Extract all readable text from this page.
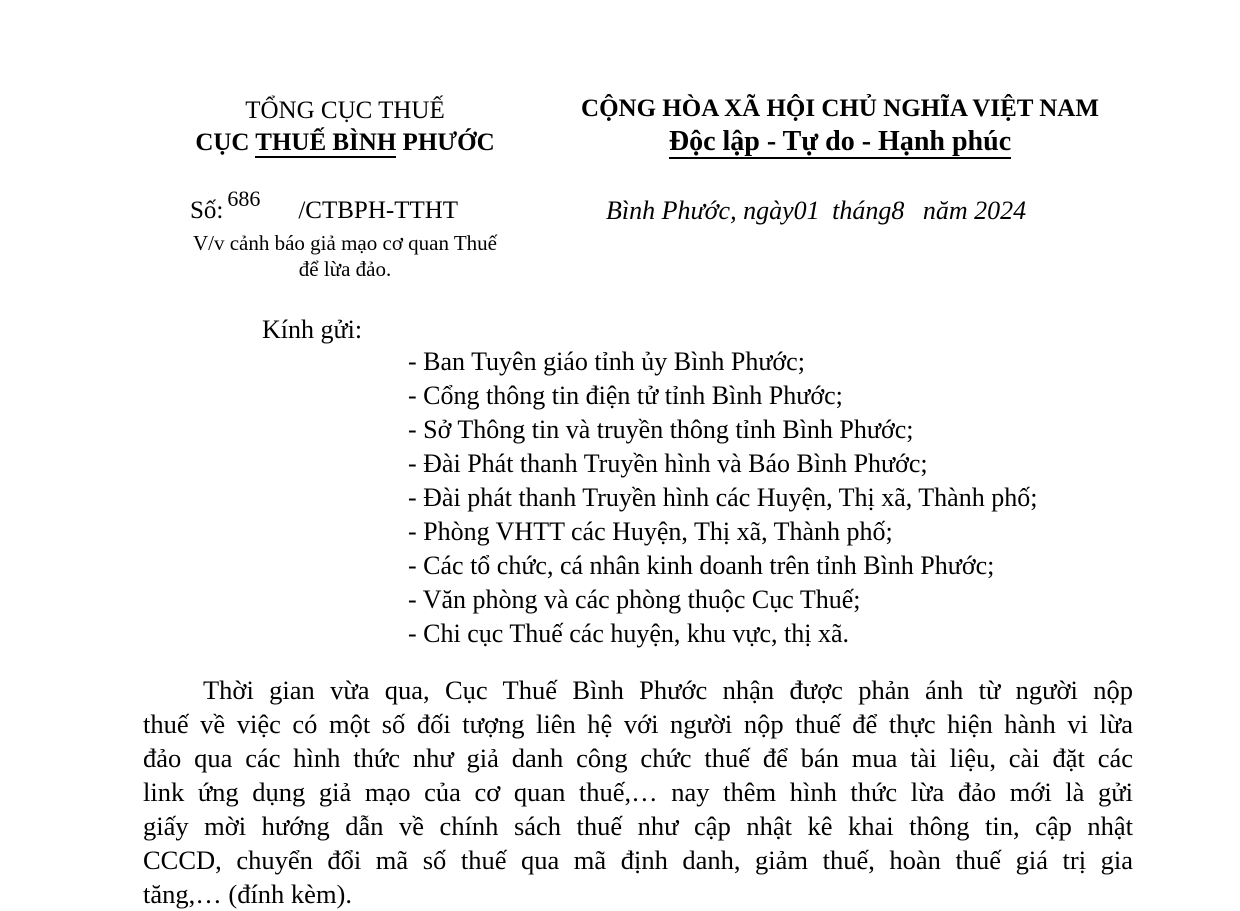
TỔNG CỤC THUẾ
CỤC THUẾ BÌNH PHƯỚC
CỘNG HÒA XÃ HỘI CHỦ NGHĨA VIỆT NAM
Độc lập - Tự do - Hạnh phúc
Số: 686 /CTBPH-TTHT
V/v cảnh báo giả mạo cơ quan Thuế
để lừa đảo.
Bình Phước, ngày01 tháng8 năm 2024
Kính gửi:
- Ban Tuyên giáo tỉnh ủy Bình Phước;
- Cổng thông tin điện tử tỉnh Bình Phước;
- Sở Thông tin và truyền thông tỉnh Bình Phước;
- Đài Phát thanh Truyền hình và Báo Bình Phước;
- Đài phát thanh Truyền hình các Huyện, Thị xã, Thành phố;
- Phòng VHTT các Huyện, Thị xã, Thành phố;
- Các tổ chức, cá nhân kinh doanh trên tỉnh Bình Phước;
- Văn phòng và các phòng thuộc Cục Thuế;
- Chi cục Thuế các huyện, khu vực, thị xã.
Thời gian vừa qua, Cục Thuế Bình Phước nhận được phản ánh từ người nộp
thuế về việc có một số đối tượng liên hệ với người nộp thuế để thực hiện hành vi lừa
đảo qua các hình thức như giả danh công chức thuế để bán mua tài liệu, cài đặt các
link ứng dụng giả mạo của cơ quan thuế,… nay thêm hình thức lừa đảo mới là gửi
giấy mời hướng dẫn về chính sách thuế như cập nhật kê khai thông tin, cập nhật
CCCD, chuyển đổi mã số thuế qua mã định danh, giảm thuế, hoàn thuế giá trị gia
tăng,… (đính kèm).
